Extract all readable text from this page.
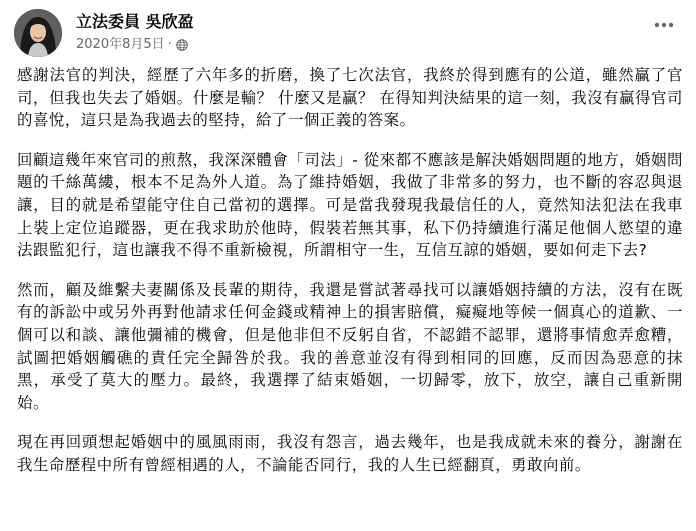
立法委員 吳欣盈
2020年8月5日 ·

感謝法官的判決，經歷了六年多的折磨，換了七次法官，我終於得到應有的公道，雖然贏了官司，但我也失去了婚姻。什麼是輸？ 什麼又是贏？ 在得知判決結果的這一刻，我沒有贏得官司的喜悅，這只是為我過去的堅持，給了一個正義的答案。

回顧這幾年來官司的煎熬，我深深體會「司法」- 從來都不應該是解決婚姻問題的地方，婚姻問題的千絲萬縷，根本不足為外人道。為了維持婚姻，我做了非常多的努力，也不斷的容忍與退讓，目的就是希望能守住自己當初的選擇。可是當我發現我最信任的人，竟然知法犯法在我車上裝上定位追蹤器，更在我求助於他時，假裝若無其事，私下仍持續進行滿足他個人慾望的違法跟監犯行，這也讓我不得不重新檢視，所謂相守一生，互信互諒的婚姻，要如何走下去?

然而，顧及維繫夫妻關係及長輩的期待，我還是嘗試著尋找可以讓婚姻持續的方法，沒有在既有的訴訟中或另外再對他請求任何金錢或精神上的損害賠償，癡癡地等候一個真心的道歉、一個可以和談、讓他彌補的機會，但是他非但不反躬自省，不認錯不認罪，還將事情愈弄愈糟，試圖把婚姻觸礁的責任完全歸咎於我。我的善意並沒有得到相同的回應，反而因為惡意的抹黑，承受了莫大的壓力。最終，我選擇了結束婚姻，一切歸零，放下，放空，讓自己重新開始。

現在再回頭想起婚姻中的風風雨雨，我沒有怨言，過去幾年，也是我成就未來的養分，謝謝在我生命歷程中所有曾經相遇的人，不論能否同行，我的人生已經翻頁，勇敢向前。
